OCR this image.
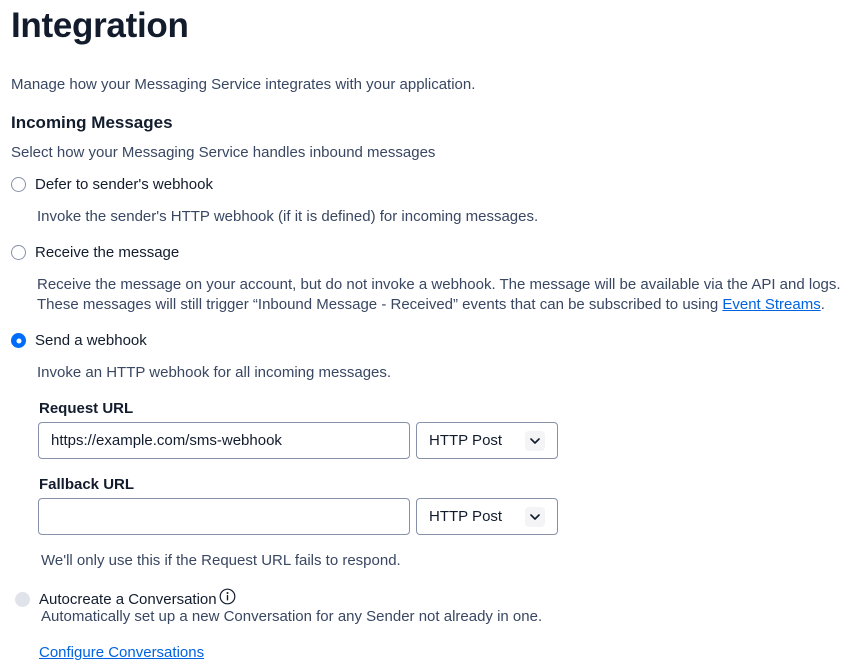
Integration
Manage how your Messaging Service integrates with your application.
Incoming Messages
Select how your Messaging Service handles inbound messages
Defer to sender's webhook
Invoke the sender's HTTP webhook (if it is defined) for incoming messages.
Receive the message
Receive the message on your account, but do not invoke a webhook. The message will be available via the API and logs.
These messages will still trigger “Inbound Message - Received” events that can be subscribed to using Event Streams.
Send a webhook
Invoke an HTTP webhook for all incoming messages.
Request URL
https://example.com/sms-webhook	HTTP Post
Fallback URL
HTTP Post
We'll only use this if the Request URL fails to respond.
Autocreate a Conversation
Automatically set up a new Conversation for any Sender not already in one.
Configure Conversations
